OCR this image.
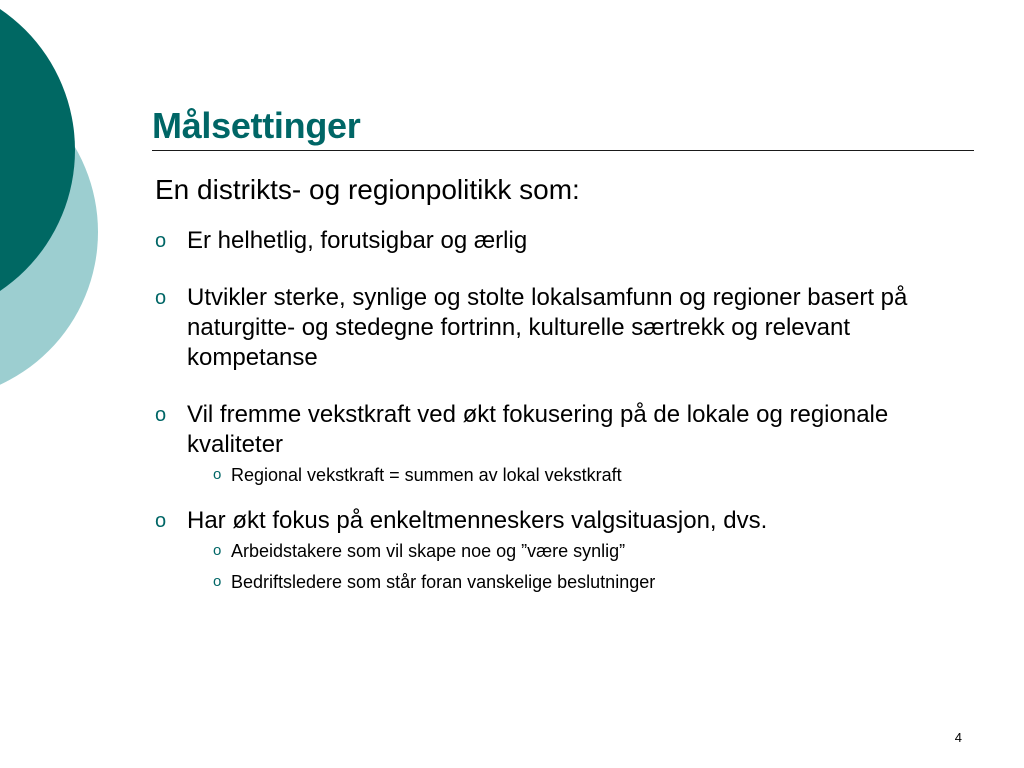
Målsettinger

En distrikts- og regionpolitikk som:

o Er helhetlig, forutsigbar og ærlig
o Utvikler sterke, synlige og stolte lokalsamfunn og regioner basert på naturgitte- og stedegne fortrinn, kulturelle særtrekk og relevant kompetanse
o Vil fremme vekstkraft ved økt fokusering på de lokale og regionale kvaliteter
o Regional vekstkraft = summen av lokal vekstkraft
o Har økt fokus på enkeltmenneskers valgsituasjon, dvs.
o Arbeidstakere som vil skape noe og ”være synlig”
o Bedriftsledere som står foran vanskelige beslutninger
4
